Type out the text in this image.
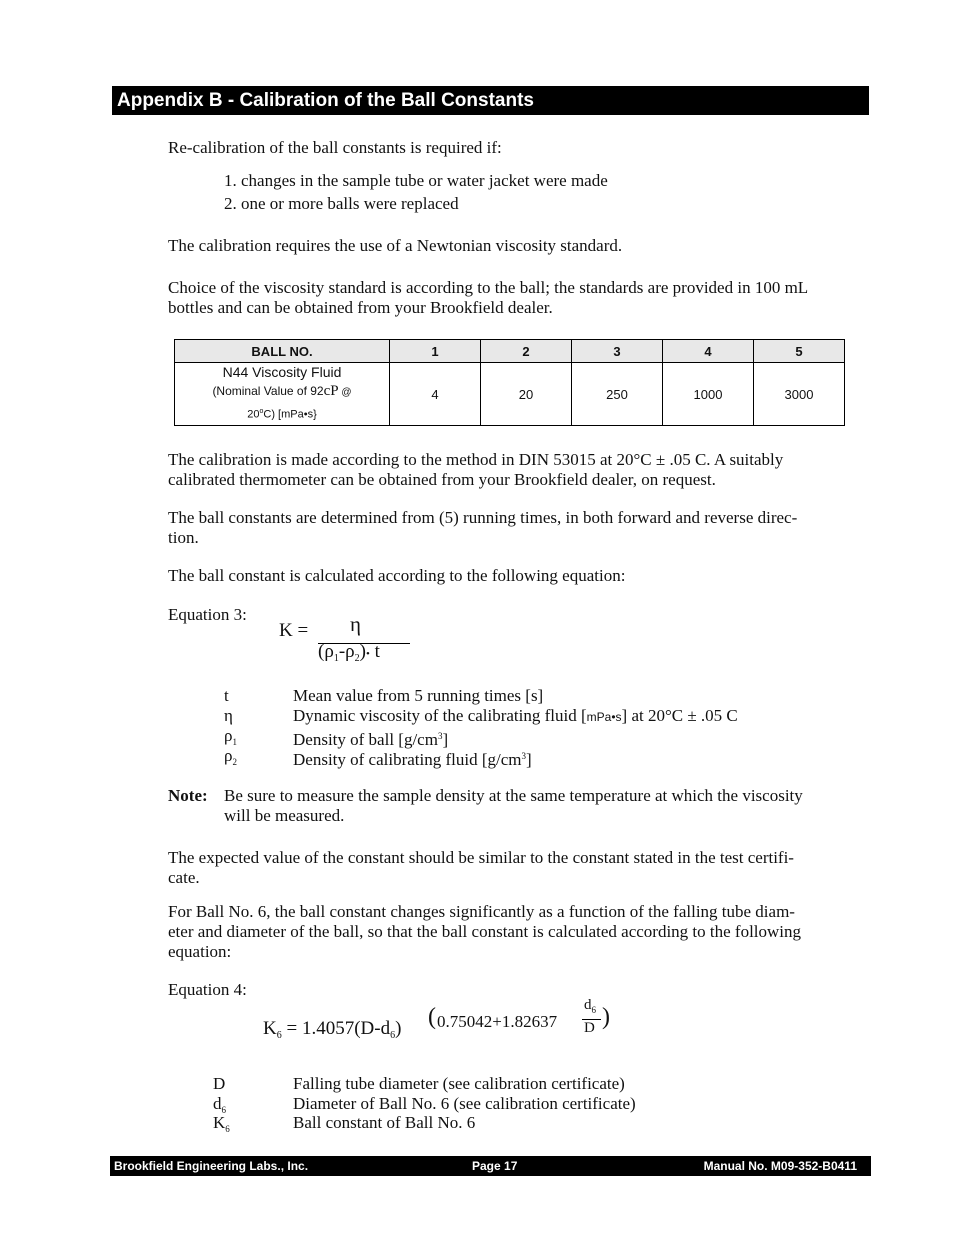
Appendix B - Calibration of the Ball Constants
Re-calibration of the ball constants is required if:
1. changes in the sample tube or water jacket were made
2. one or more balls were replaced
The calibration requires the use of a Newtonian viscosity standard.
Choice of the viscosity standard is according to the ball; the standards are provided in 100 mL
bottles and can be obtained from your Brookfield dealer.
BALL NO.	1	2	3	4	5

N44 Viscosity Fluid
(Nominal Value of 92cP @
20$^o$C) [mPa•s}	4	20	250	1000	3000
The calibration is made according to the method in DIN 53015 at 20°C ± .05 C. A suitably
calibrated thermometer can be obtained from your Brookfield dealer, on request.
The ball constants are determined from (5) running times, in both forward and reverse direc-
tion.
The ball constant is calculated according to the following equation:
Equation 3:
K = η
$(\rho_1-\rho_2)•$ t
t	Mean value from 5 running times [s]
η	Dynamic viscosity of the calibrating fluid [mPa•s] at 20°C ± .05 C
$\rho_1$	Density of ball $[g/cm^3]$
$\rho_2$	Density of calibrating fluid $[g/cm^3]$
Note: Be sure to measure the sample density at the same temperature at which the viscosity
will be measured.
The expected value of the constant should be similar to the constant stated in the test certifi-
cate.
For Ball No. 6, the ball constant changes significantly as a function of the falling tube diam-
eter and diameter of the ball, so that the ball constant is calculated according to the following
equation:
Equation 4:
$K_6 = 1.4057(D-d_6)$ ( 0.75042+1.82637
$d_6$
D )
D	Falling tube diameter (see calibration certificate)
$d_6$	Diameter of Ball No. 6 (see calibration certificate)
$K_6$	Ball constant of Ball No. 6
Brookfield Engineering Labs., Inc.	Page 17	Manual No. M09-352-B0411
